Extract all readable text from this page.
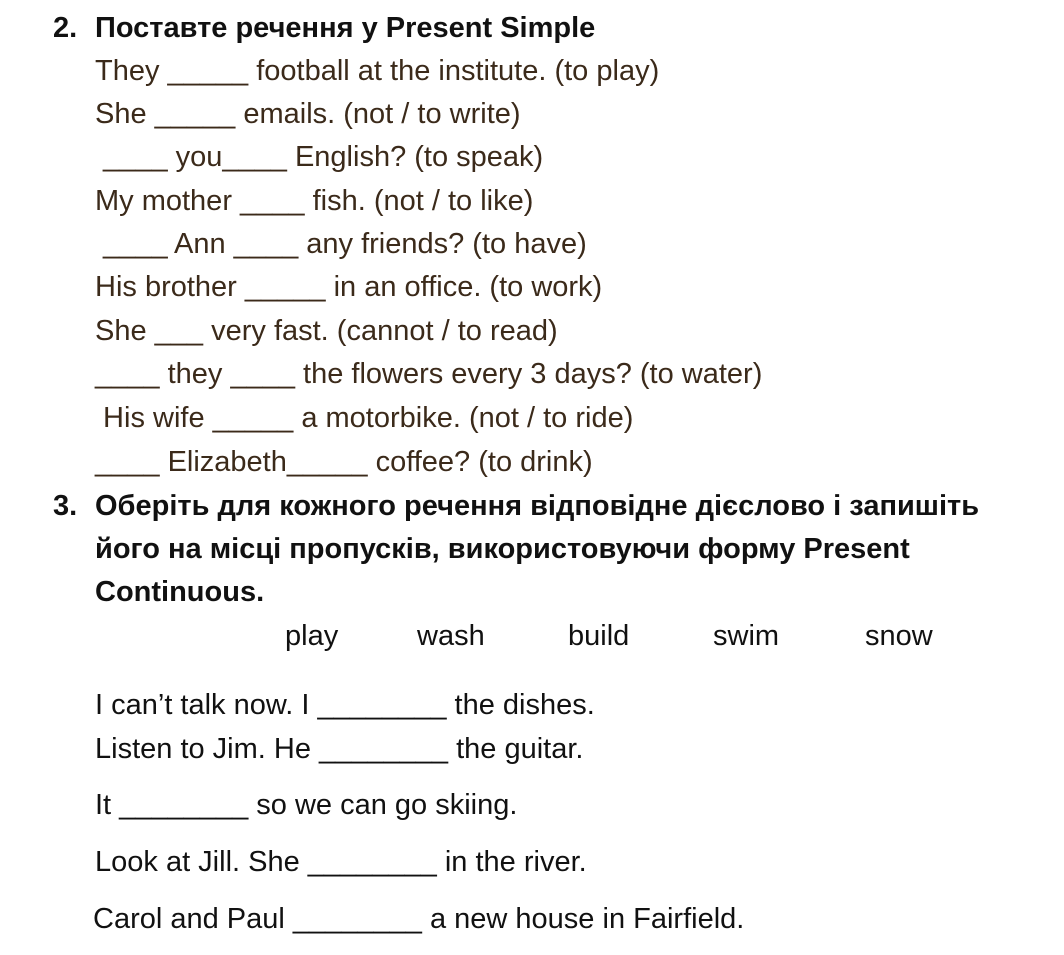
2. Поставте речення у Present Simple
They _____ football at the institute. (to play)
She _____ emails. (not / to write)
____ you____ English? (to speak)
My mother ____ fish. (not / to like)
____ Ann ____ any friends? (to have)
His brother _____ in an office. (to work)
She ___ very fast. (cannot / to read)
____ they ____ the flowers every 3 days? (to water)
His wife _____ a motorbike. (not / to ride)
____ Elizabeth_____ coffee? (to drink)
3. Оберіть для кожного речення відповідне дієслово і запишіть
його на місці пропусків, використовуючи форму Present
Continuous.
play	wash	build	swim	snow
I can’t talk now. I ________ the dishes.
Listen to Jim. He ________ the guitar.
It ________ so we can go skiing.
Look at Jill. She ________ in the river.
Carol and Paul ________ a new house in Fairfield.
